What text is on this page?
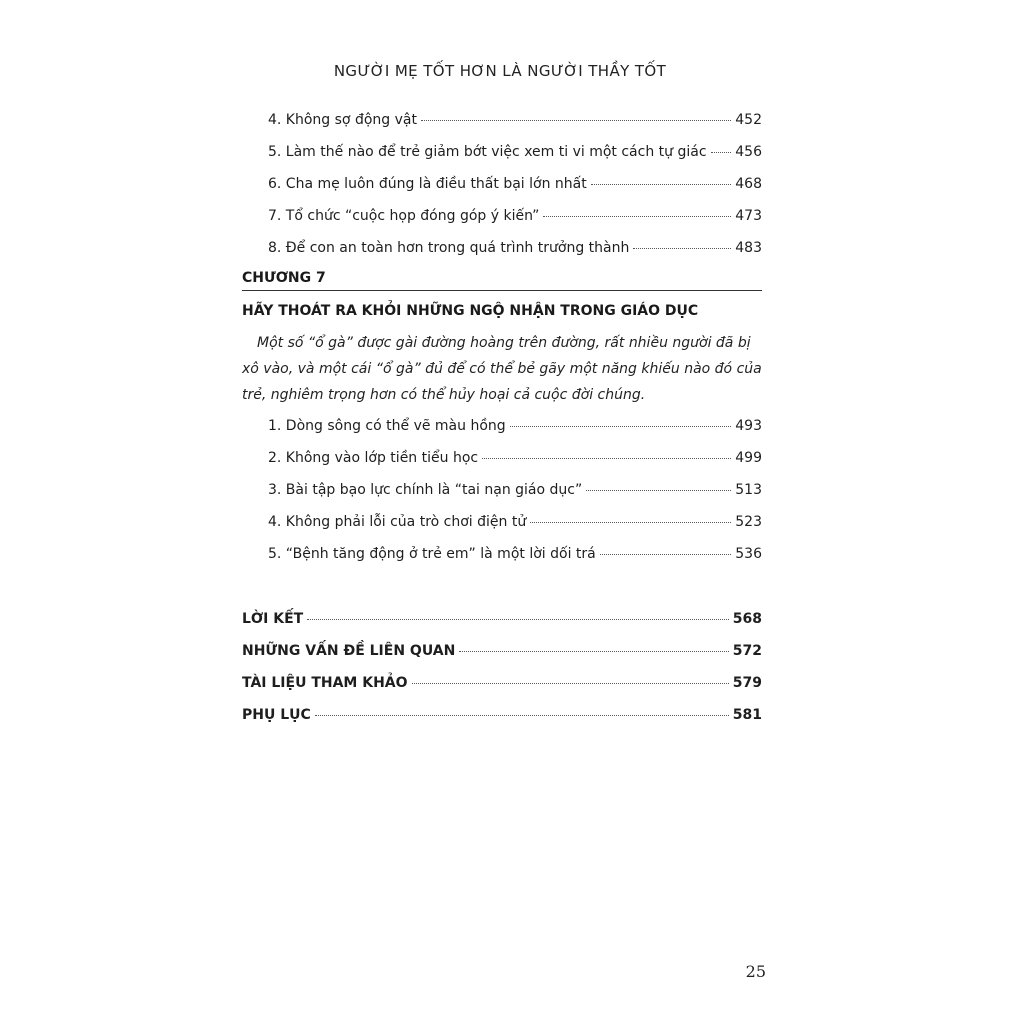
NGƯỜI MẸ TỐT HƠN LÀ NGƯỜI THẦY TỐT
4. Không sợ động vật	452
5. Làm thế nào để trẻ giảm bớt việc xem ti vi một cách tự giác 456
6. Cha mẹ luôn đúng là điều thất bại lớn nhất	468
7. Tổ chức “cuộc họp đóng góp ý kiến”	473
8. Để con an toàn hơn trong quá trình trưởng thành	483
CHƯƠNG 7
HÃY THOÁT RA KHỎI NHỮNG NGỘ NHẬN TRONG GIÁO DỤC
Một số “ổ gà” được gài đường hoàng trên đường, rất nhiều người đã bị xô vào, và một cái “ổ gà” đủ để có thể bẻ gãy một năng khiếu nào đó của trẻ, nghiêm trọng hơn có thể hủy hoại cả cuộc đời chúng.
1. Dòng sông có thể vẽ màu hồng	493
2. Không vào lớp tiền tiểu học	499
3. Bài tập bạo lực chính là “tai nạn giáo dục”	513
4. Không phải lỗi của trò chơi điện tử	523
5. “Bệnh tăng động ở trẻ em” là một lời dối trá	536
LỜI KẾT	568
NHỮNG VẤN ĐỀ LIÊN QUAN	572
TÀI LIỆU THAM KHẢO	579
PHỤ LỤC	581
25
